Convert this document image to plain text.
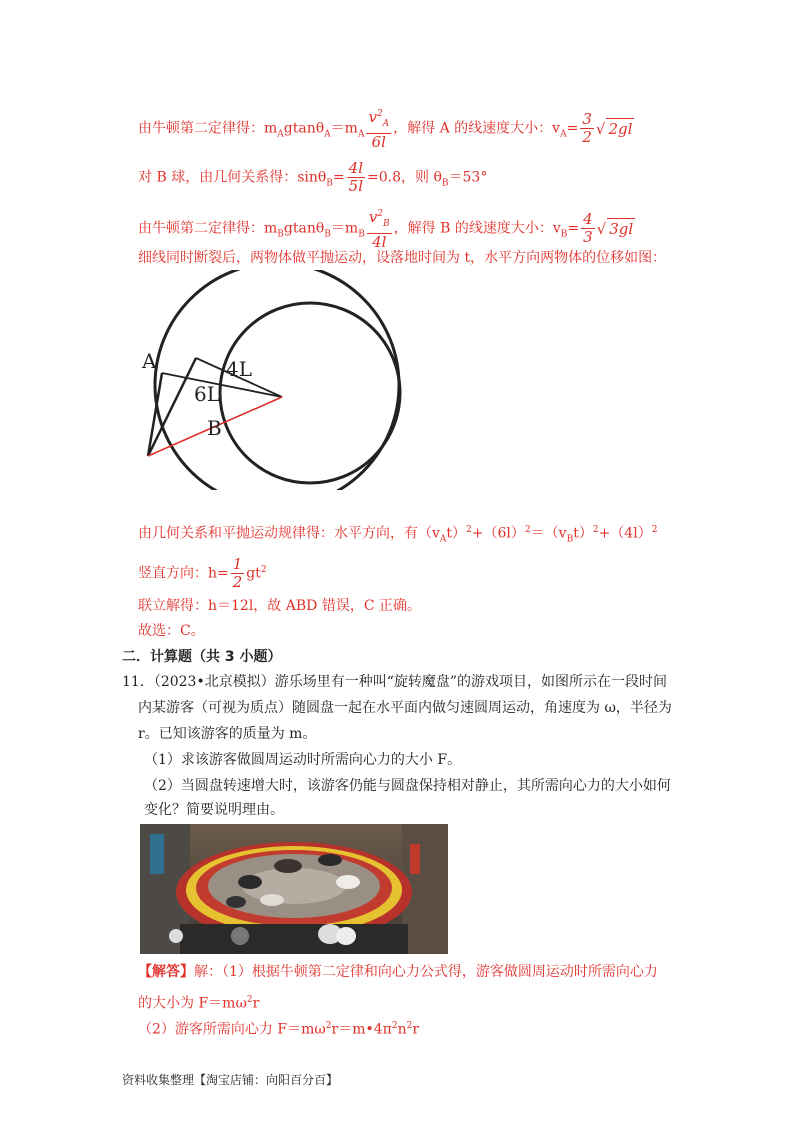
由牛顿第二定律得：$m_Agtan\theta_A=m_A \frac{v^2_A}{6l}$ ，解得 A 的线速度大小：$v_A= \frac{3}{2}$ √ 2gl
对 B 球，由几何关系得：$\sin\theta_B= \frac{4l}{5l} =0.8$，则 $\theta_B=53^\circ$
由牛顿第二定律得：$m_Bgtan\theta_B=m_B \frac{v^2_B}{4l}$ ，解得 B 的线速度大小：$v_B= \frac{4}{3}$ √ 3gl
细线同时断裂后，两物体做平抛运动，设落地时间为 t，水平方向两物体的位移如图：
A	4L
6L
B
由几何关系和平抛运动规律得：水平方向，有$(v_At)^2+(6l)^2=(v_Bt)^2+(4l)^2$
竖直方向：$h= \frac{1}{2} gt^2$
联立解得：h＝12l，故 ABD 错误，C 正确。
故选：C。
二．计算题（共 3 小题）
11．（2023•北京模拟）游乐场里有一种叫“旋转魔盘”的游戏项目，如图所示在一段时间
内某游客（可视为质点）随圆盘一起在水平面内做匀速圆周运动，角速度为 ω，半径为
r。已知该游客的质量为 m。
（1）求该游客做圆周运动时所需向心力的大小 F。
（2）当圆盘转速增大时，该游客仍能与圆盘保持相对静止，其所需向心力的大小如何
变化？简要说明理由。
【解答】解：（1）根据牛顿第二定律和向心力公式得，游客做圆周运动时所需向心力
的大小为 $F=m\omega^2r$
（2）游客所需向心力 $F=m\omega^2r=m•4\pi^2n^2r$
资料收集整理【淘宝店铺：向阳百分百】
